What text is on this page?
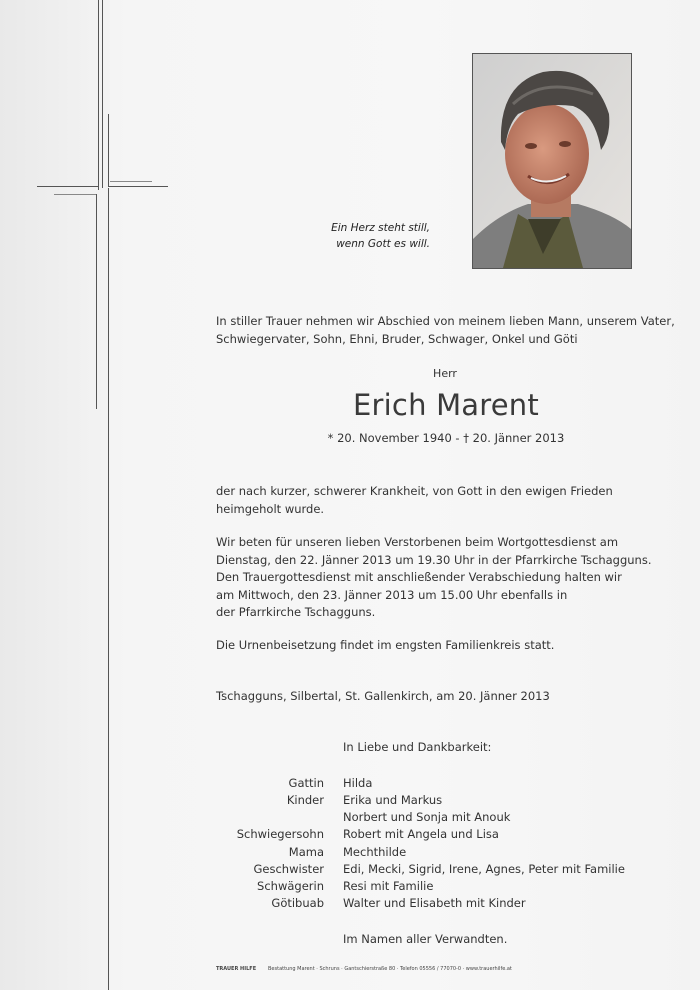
Ein Herz steht still,
wenn Gott es will.
In stiller Trauer nehmen wir Abschied von meinem lieben Mann, unserem Vater,
Schwiegervater, Sohn, Ehni, Bruder, Schwager, Onkel und Göti
Herr
Erich Marent
* 20. November 1940 - † 20. Jänner 2013
der nach kurzer, schwerer Krankheit, von Gott in den ewigen Frieden
heimgeholt wurde.
Wir beten für unseren lieben Verstorbenen beim Wortgottesdienst am
Dienstag, den 22. Jänner 2013 um 19.30 Uhr in der Pfarrkirche Tschagguns.
Den Trauergottesdienst mit anschließender Verabschiedung halten wir
am Mittwoch, den 23. Jänner 2013 um 15.00 Uhr ebenfalls in
der Pfarrkirche Tschagguns.
Die Urnenbeisetzung findet im engsten Familienkreis statt.
Tschagguns, Silbertal, St. Gallenkirch, am 20. Jänner 2013
In Liebe und Dankbarkeit:
Gattin Hilda
Kinder Erika und Markus
Norbert und Sonja mit Anouk
Schwiegersohn Robert mit Angela und Lisa
Mama Mechthilde
Geschwister Edi, Mecki, Sigrid, Irene, Agnes, Peter mit Familie
Schwägerin Resi mit Familie
Götibuab Walter und Elisabeth mit Kinder
Im Namen aller Verwandten.
TRAUER HILFE Bestattung Marent · Schruns · Gantschierstraße 80 · Telefon 05556 / 77070-0 · www.trauerhilfe.at
